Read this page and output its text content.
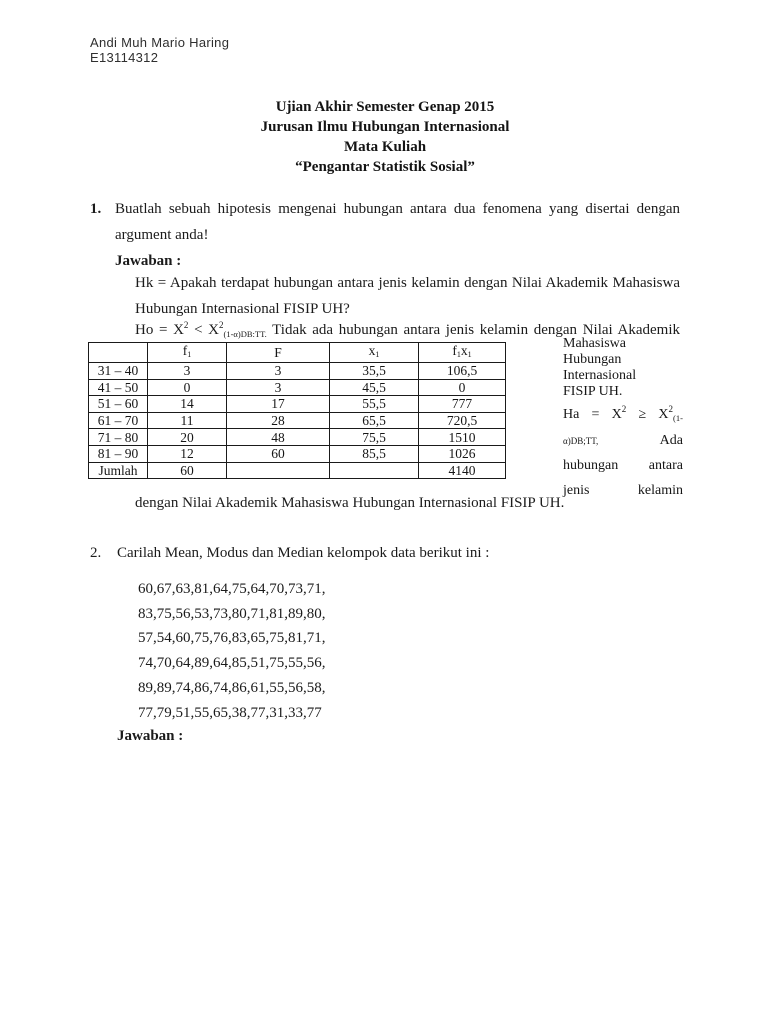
Andi Muh Mario Haring
E13114312
Ujian Akhir Semester Genap 2015
Jurusan Ilmu Hubungan Internasional
Mata Kuliah
“Pengantar Statistik Sosial”
1. Buatlah sebuah hipotesis mengenai hubungan antara dua fenomena yang disertai dengan
argument anda!
Jawaban :
Hk = Apakah terdapat hubungan antara jenis kelamin dengan Nilai Akademik Mahasiswa
Hubungan Internasional FISIP UH?
$Ho = X^2 < X^2_{(1-\alpha)DB:TT.}$ Tidak ada hubungan antara jenis kelamin dengan Nilai Akademik
	$f_1$	F	$x_1$	$f_1x_1$
31 – 40	3	3	35,5	106,5
41 – 50	0	3	45,5	0
51 – 60	14	17	55,5	777
61 – 70	11	28	65,5	720,5
71 – 80	20	48	75,5	1510
81 – 90	12	60	85,5	1026
Jumlah	60			4140
Mahasiswa
Hubungan
Internasional
FISIP UH.
$Ha = X^2 \ge X^2_{(1-}$
α)DB;TT,	Ada
hubungan antara
jenis	kelamin
dengan Nilai Akademik Mahasiswa Hubungan Internasional FISIP UH.
2. Carilah Mean, Modus dan Median kelompok data berikut ini :
60,67,63,81,64,75,64,70,73,71,
83,75,56,53,73,80,71,81,89,80,
57,54,60,75,76,83,65,75,81,71,
74,70,64,89,64,85,51,75,55,56,
89,89,74,86,74,86,61,55,56,58,
77,79,51,55,65,38,77,31,33,77
Jawaban :
